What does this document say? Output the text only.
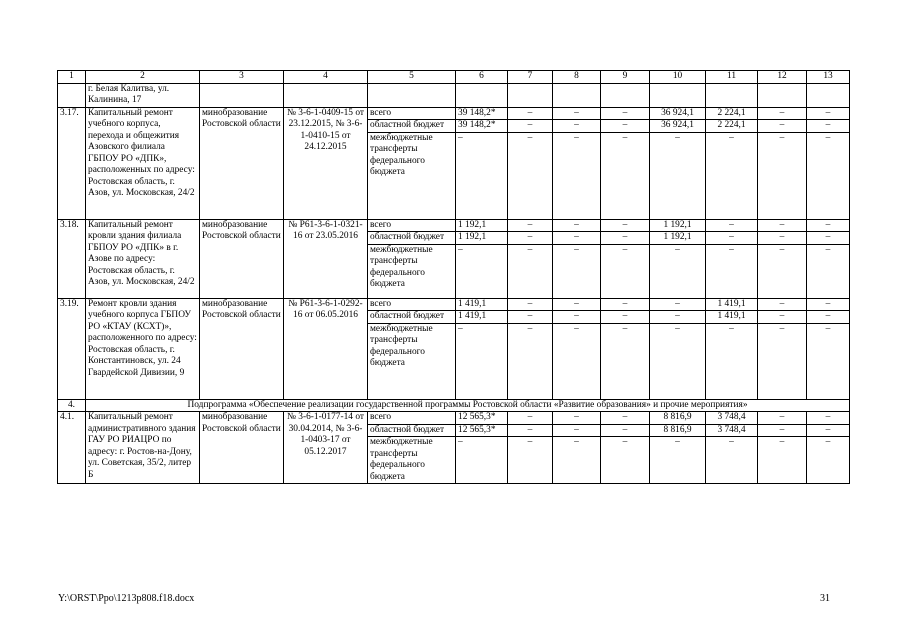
1	2	3	4	5	6	7	8	9	10	11	12	13
	г. Белая Калитва, ул. Калинина, 17											
3.17.	Капитальный ремонт учебного корпуса, перехода и общежития Азовского филиала ГБПОУ РО «ДПК», расположенных по адресу: Ростовская область, г. Азов, ул. Московская, 24/2	минобразование Ростовской области	№ 3-6-1-0409-15 от 23.12.2015, № 3-6-1-0410-15 от 24.12.2015	всего	39 148,2*	–	–	–	36 924,1	2 224,1	–	–
				областной бюджет	39 148,2*	–	–	–	36 924,1	2 224,1	–	–
				межбюджетные трансферты федерального бюджета	–	–	–	–	–	–	–	–
3.18.	Капитальный ремонт кровли здания филиала ГБПОУ РО «ДПК» в г. Азове по адресу: Ростовская область, г. Азов, ул. Московская, 24/2	минобразование Ростовской области	№ Р61-3-6-1-0321-16 от 23.05.2016	всего	1 192,1	–	–	–	1 192,1	–	–	–
				областной бюджет	1 192,1	–	–	–	1 192,1	–	–	–
				межбюджетные трансферты федерального бюджета	–	–	–	–	–	–	–	–
3.19.	Ремонт кровли здания учебного корпуса ГБПОУ РО «КТАУ (КСХТ)», расположенного по адресу: Ростовская область, г. Константиновск, ул. 24 Гвардейской Дивизии, 9	минобразование Ростовской области	№ Р61-3-6-1-0292-16 от 06.05.2016	всего	1 419,1	–	–	–	–	1 419,1	–	–
				областной бюджет	1 419,1	–	–	–	–	1 419,1	–	–
				межбюджетные трансферты федерального бюджета	–	–	–	–	–	–	–	–
4.	Подпрограмма «Обеспечение реализации государственной программы Ростовской области «Развитие образования» и прочие мероприятия»											
4.1.	Капитальный ремонт административного здания ГАУ РО РИАЦРО по адресу: г. Ростов-на-Дону, ул. Советская, 35/2, литер Б	минобразование Ростовской области	№ 3-6-1-0177-14 от 30.04.2014, № 3-6-1-0403-17 от 05.12.2017	всего	12 565,3*	–	–	–	8 816,9	3 748,4	–	–
				областной бюджет	12 565,3*	–	–	–	8 816,9	3 748,4	–	–
				межбюджетные трансферты федерального бюджета	–	–	–	–	–	–	–	–
Y:\ORST\Ppo\1213p808.f18.docx	31
